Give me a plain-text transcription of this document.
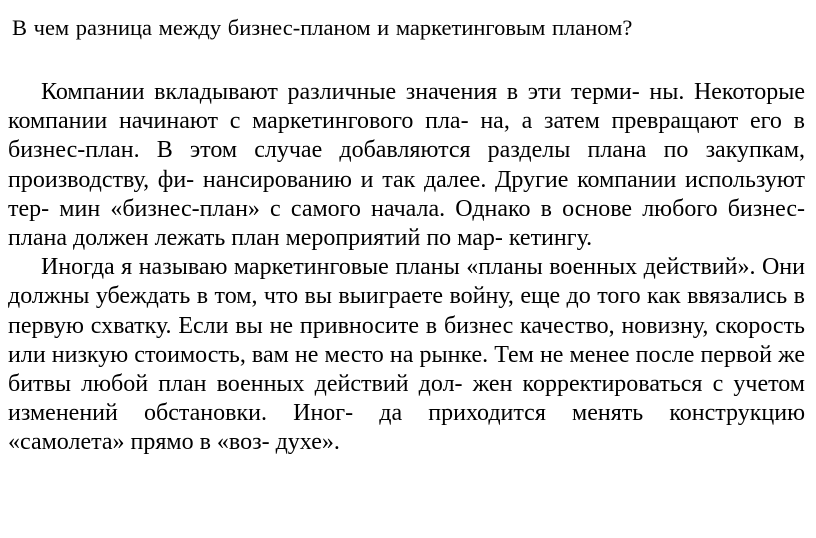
В чем разница между бизнес-планом и маркетинговым планом?

Компании вкладывают различные значения в эти терми- ны. Некоторые компании начинают с маркетингового пла- на, а затем превращают его в бизнес-план. В этом случае добавляются разделы плана по закупкам, производству, фи- нансированию и так далее. Другие компании используют тер- мин «бизнес-план» с самого начала. Однако в основе любого бизнес-плана должен лежать план мероприятий по мар- кетингу.

Иногда я называю маркетинговые планы «планы военных действий». Они должны убеждать в том, что вы выиграете войну, еще до того как ввязались в первую схватку. Если вы не привносите в бизнес качество, новизну, скорость или низкую стоимость, вам не место на рынке. Тем не менее после первой же битвы любой план военных действий дол- жен корректироваться с учетом изменений обстановки. Иног- да приходится менять конструкцию «самолета» прямо в «воз- духе».
